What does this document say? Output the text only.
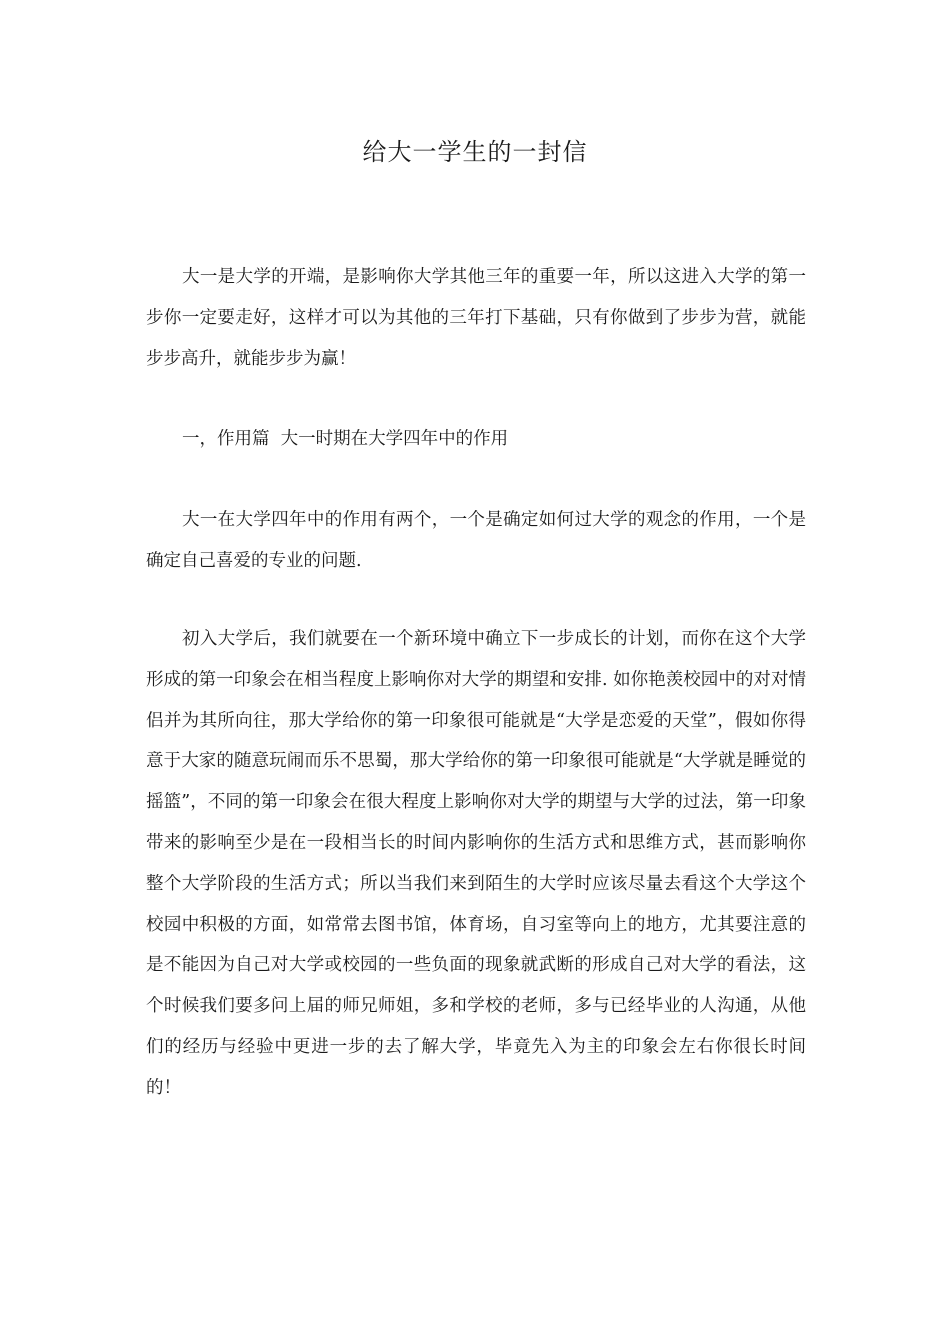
给大一学生的一封信

大一是大学的开端，是影响你大学其他三年的重要一年，所以这进入大学的第一步你一定要走好，这样才可以为其他的三年打下基础，只有你做到了步步为营，就能步步高升，就能步步为赢！

一，作用篇  大一时期在大学四年中的作用

大一在大学四年中的作用有两个，一个是确定如何过大学的观念的作用，一个是确定自己喜爱的专业的问题.

初入大学后，我们就要在一个新环境中确立下一步成长的计划，而你在这个大学形成的第一印象会在相当程度上影响你对大学的期望和安排. 如你艳羡校园中的对对情侣并为其所向往，那大学给你的第一印象很可能就是“大学是恋爱的天堂”，假如你得意于大家的随意玩闹而乐不思蜀，那大学给你的第一印象很可能就是“大学就是睡觉的摇篮”，不同的第一印象会在很大程度上影响你对大学的期望与大学的过法，第一印象带来的影响至少是在一段相当长的时间内影响你的生活方式和思维方式，甚而影响你整个大学阶段的生活方式；所以当我们来到陌生的大学时应该尽量去看这个大学这个校园中积极的方面，如常常去图书馆，体育场，自习室等向上的地方，尤其要注意的是不能因为自己对大学或校园的一些负面的现象就武断的形成自己对大学的看法，这个时候我们要多问上届的师兄师姐，多和学校的老师，多与已经毕业的人沟通，从他们的经历与经验中更进一步的去了解大学，毕竟先入为主的印象会左右你很长时间的！
